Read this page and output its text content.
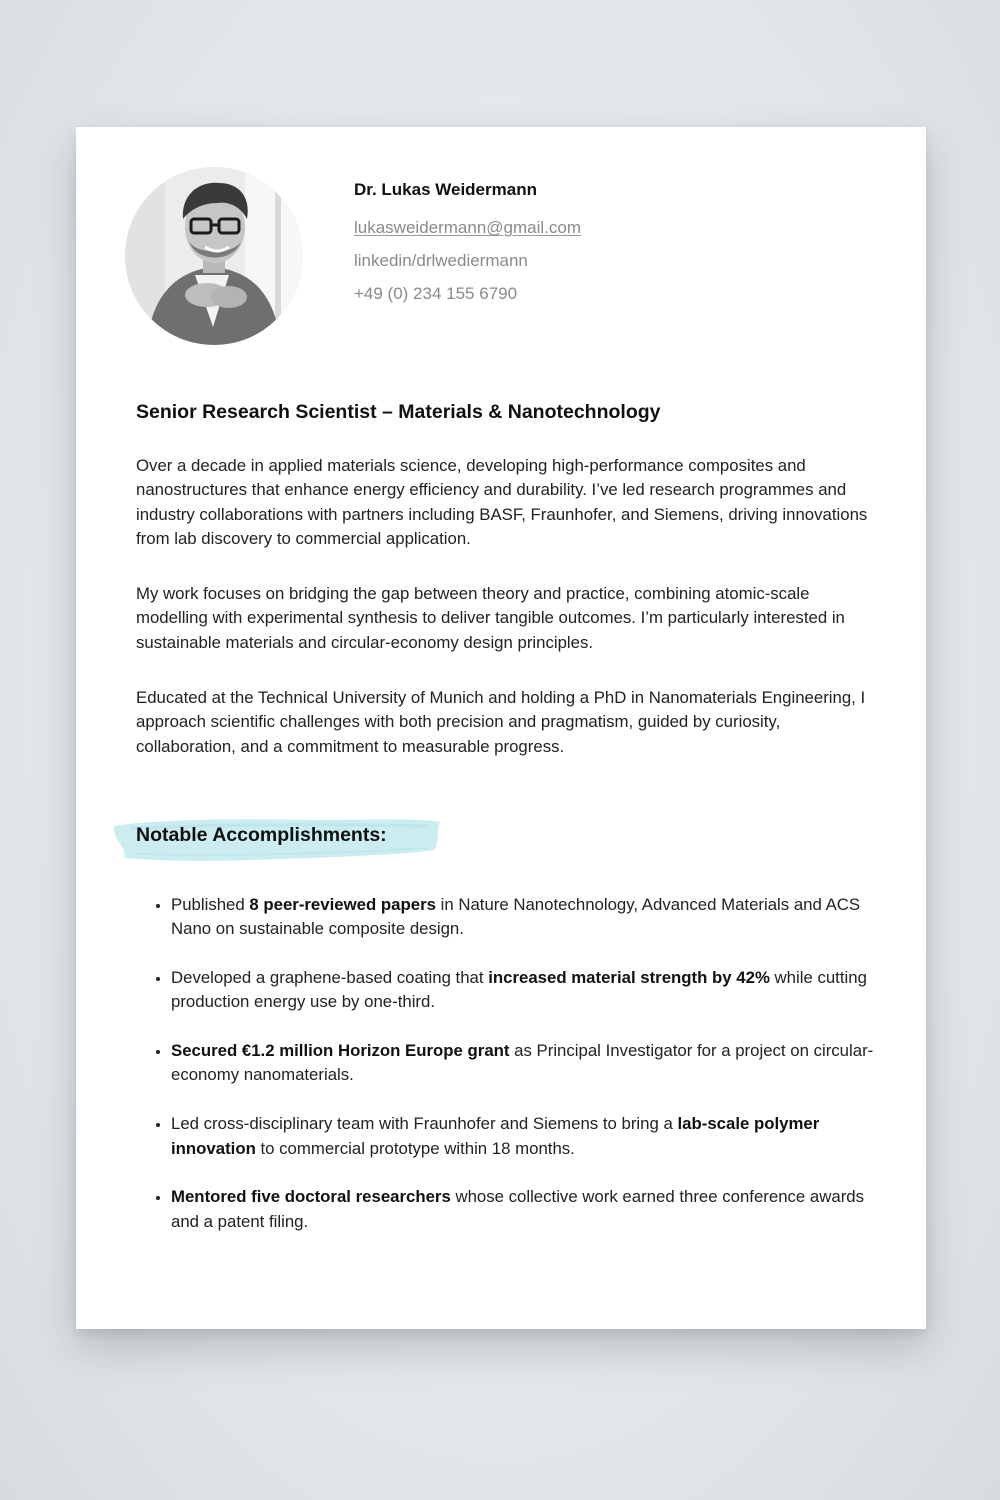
Dr. Lukas Weidermann
lukasweidermann@gmail.com
linkedin/drlwediermann
+49 (0) 234 155 6790
Senior Research Scientist – Materials & Nanotechnology

Over a decade in applied materials science, developing high-performance composites and nanostructures that enhance energy efficiency and durability. I’ve led research programmes and industry collaborations with partners including BASF, Fraunhofer, and Siemens, driving innovations from lab discovery to commercial application.

My work focuses on bridging the gap between theory and practice, combining atomic-scale modelling with experimental synthesis to deliver tangible outcomes. I’m particularly interested in sustainable materials and circular-economy design principles.

Educated at the Technical University of Munich and holding a PhD in Nanomaterials Engineering, I approach scientific challenges with both precision and pragmatism, guided by curiosity, collaboration, and a commitment to measurable progress.

Notable Accomplishments:
• Published 8 peer-reviewed papers in Nature Nanotechnology, Advanced Materials and ACS Nano on sustainable composite design.
• Developed a graphene-based coating that increased material strength by 42% while cutting production energy use by one-third.
• Secured €1.2 million Horizon Europe grant as Principal Investigator for a project on circular-economy nanomaterials.
• Led cross-disciplinary team with Fraunhofer and Siemens to bring a lab-scale polymer innovation to commercial prototype within 18 months.
• Mentored five doctoral researchers whose collective work earned three conference awards and a patent filing.
